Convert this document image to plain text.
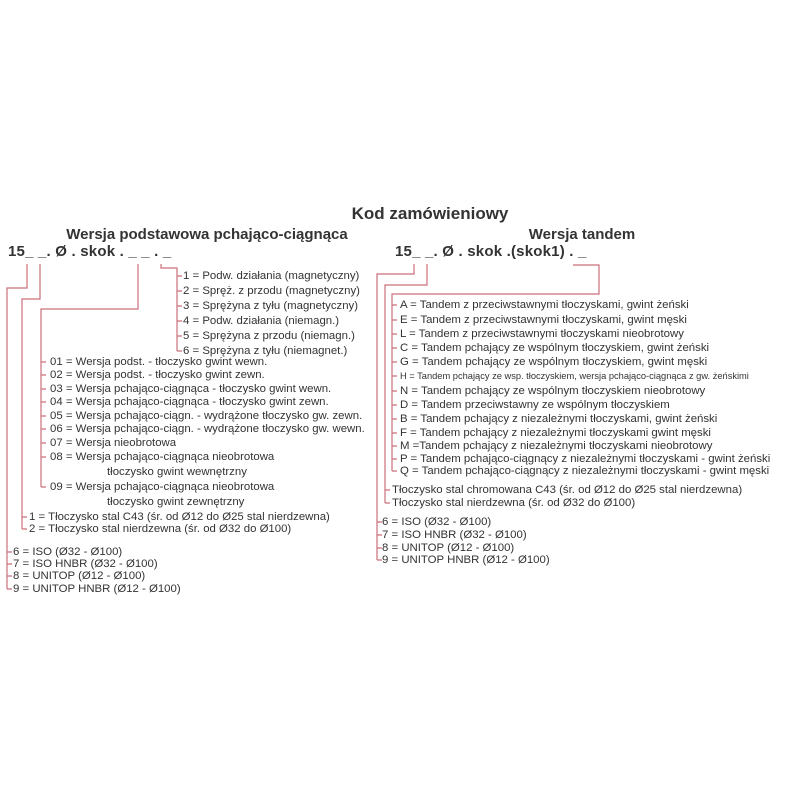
Kod zamówieniowy
Wersja podstawowa pchająco-ciągnąca	Wersja tandem
15_ _. Ø . skok . _ _ . _	15_ _. Ø . skok .(skok1) . _
1 = Podw. działania (magnetyczny)
2 = Spręż. z przodu (magnetyczny)
3 = Sprężyna z tyłu (magnetyczny)
4 = Podw. działania (niemagn.)
5 = Sprężyna z przodu (niemagn.)
6 = Sprężyna z tyłu (niemagnet.)
01 = Wersja podst. - tłoczysko gwint wewn.
02 = Wersja podst. - tłoczysko gwint zewn.
03 = Wersja pchająco-ciągnąca - tłoczysko gwint wewn.
04 = Wersja pchająco-ciągnąca - tłoczysko gwint zewn.
05 = Wersja pchająco-ciągn. - wydrążone tłoczysko gw. zewn.
06 = Wersja pchająco-ciągn. - wydrążone tłoczysko gw. wewn.
07 = Wersja nieobrotowa
08 = Wersja pchająco-ciągnąca nieobrotowa
09 = Wersja pchająco-ciągnąca nieobrotowa
1 = Tłoczysko stal C43 (śr. od Ø12 do Ø25 stal nierdzewna)
2 = Tłoczysko stal nierdzewna (śr. od Ø32 do Ø100)
6 = ISO (Ø32 - Ø100)
7 = ISO HNBR (Ø32 - Ø100)
8 = UNITOP (Ø12 - Ø100)
9 = UNITOP HNBR (Ø12 - Ø100)
A = Tandem z przeciwstawnymi tłoczyskami, gwint żeński
E = Tandem z przeciwstawnymi tłoczyskami, gwint męski
L = Tandem z przeciwstawnymi tłoczyskami nieobrotowy
C = Tandem pchający ze wspólnym tłoczyskiem, gwint żeński
G = Tandem pchający ze wspólnym tłoczyskiem, gwint męski
H = Tandem pchający ze wsp. tłoczyskiem, wersja pchająco-ciągnąca z gw. żeńskimi
N = Tandem pchający ze wspólnym tłoczyskiem nieobrotowy
D = Tandem przeciwstawny ze wspólnym tłoczyskiem
B = Tandem pchający z niezależnymi tłoczyskami, gwint żeński
F = Tandem pchający z niezależnymi tłoczyskami gwint męski
M =Tandem pchający z niezależnymi tłoczyskami nieobrotowy
P = Tandem pchająco-ciągnący z niezależnymi tłoczyskami - gwint żeński
Q = Tandem pchająco-ciągnący z niezależnymi tłoczyskami - gwint męski
Tłoczysko stal chromowana C43 (śr. od Ø12 do Ø25 stal nierdzewna)
Tłoczysko stal nierdzewna (śr. od Ø32 do Ø100)
6 = ISO (Ø32 - Ø100)
7 = ISO HNBR (Ø32 - Ø100)
8 = UNITOP (Ø12 - Ø100)
9 = UNITOP HNBR (Ø12 - Ø100)
tłoczysko gwint wewnętrzny
tłoczysko gwint zewnętrzny
